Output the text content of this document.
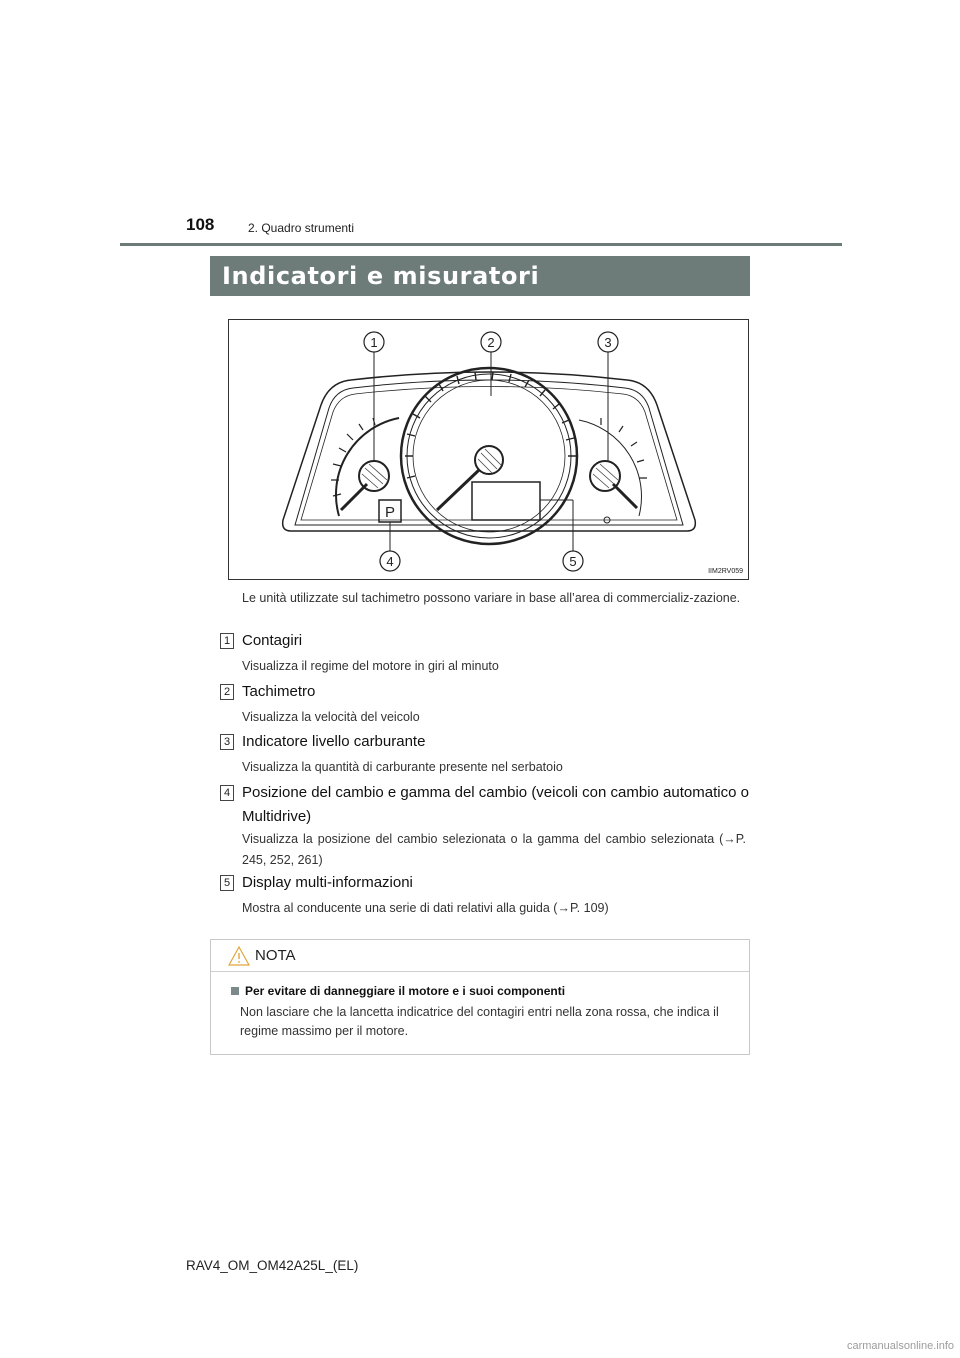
108	2. Quadro strumenti
Indicatori e misuratori
1	2	3
4	5
P
IIM2RV059
Le unità utilizzate sul tachimetro possono variare in base all’area di commercializ-zazione.
1 Contagiri
Visualizza il regime del motore in giri al minuto
2 Tachimetro
Visualizza la velocità del veicolo
3 Indicatore livello carburante
Visualizza la quantità di carburante presente nel serbatoio
4 Posizione del cambio e gamma del cambio (veicoli con cambio automatico o Multidrive)
Visualizza la posizione del cambio selezionata o la gamma del cambio selezionata (→P. 245, 252, 261)
5 Display multi-informazioni
Mostra al conducente una serie di dati relativi alla guida (→P. 109)
NOTA
Per evitare di danneggiare il motore e i suoi componenti
Non lasciare che la lancetta indicatrice del contagiri entri nella zona rossa, che indica il regime massimo per il motore.
RAV4_OM_OM42A25L_(EL)
carmanualsonline.info
